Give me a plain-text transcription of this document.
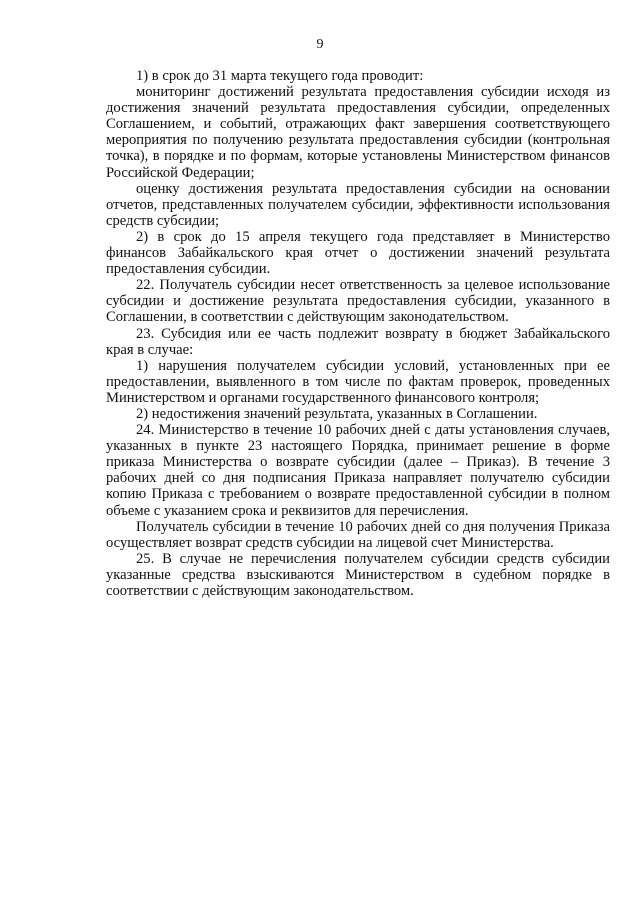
9

1) в срок до 31 марта текущего года проводит:

мониторинг достижений результата предоставления субсидии исходя из достижения значений результата предоставления субсидии, определенных Соглашением, и событий, отражающих факт завершения соответствующего мероприятия по получению результата предоставления субсидии (контрольная точка), в порядке и по формам, которые установлены Министерством финансов Российской Федерации;

оценку достижения результата предоставления субсидии на основании отчетов, представленных получателем субсидии, эффективности использования средств субсидии;

2) в срок до 15 апреля текущего года представляет в Министерство финансов Забайкальского края отчет о достижении значений результата предоставления субсидии.

22. Получатель субсидии несет ответственность за целевое использование субсидии и достижение результата предоставления субсидии, указанного в Соглашении, в соответствии с действующим законодательством.

23. Субсидия или ее часть подлежит возврату в бюджет Забайкальского края в случае:

1) нарушения получателем субсидии условий, установленных при ее предоставлении, выявленного в том числе по фактам проверок, проведенных Министерством и органами государственного финансового контроля;

2) недостижения значений результата, указанных в Соглашении.

24. Министерство в течение 10 рабочих дней с даты установления случаев, указанных в пункте 23 настоящего Порядка, принимает решение в форме приказа Министерства о возврате субсидии (далее – Приказ). В течение 3 рабочих дней со дня подписания Приказа направляет получателю субсидии копию Приказа с требованием о возврате предоставленной субсидии в полном объеме с указанием срока и реквизитов для перечисления.

Получатель субсидии в течение 10 рабочих дней со дня получения Приказа осуществляет возврат средств субсидии на лицевой счет Министерства.

25. В случае не перечисления получателем субсидии средств субсидии указанные средства взыскиваются Министерством в судебном порядке в соответствии с действующим законодательством.
